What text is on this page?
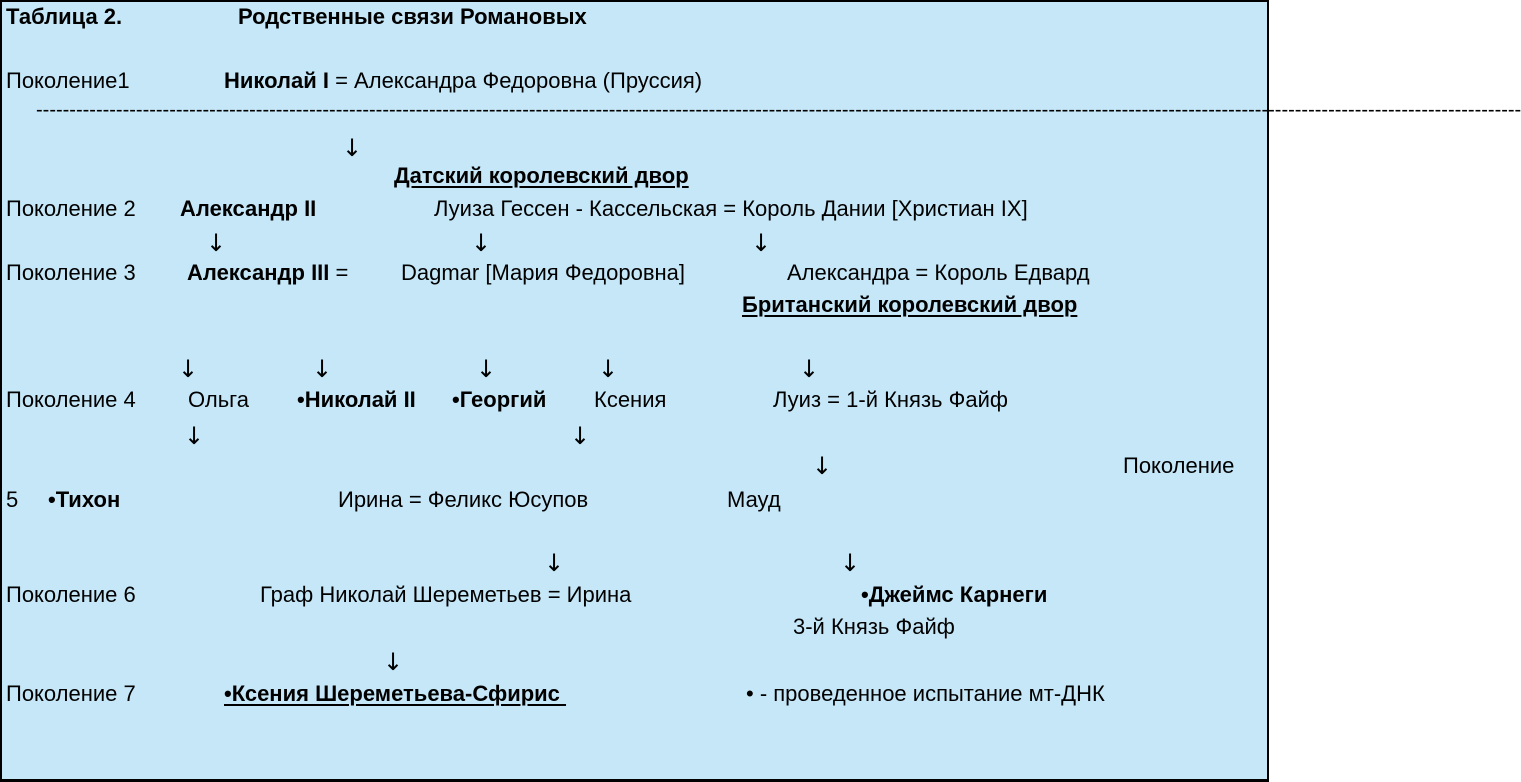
Таблица 2.	Родственные связи Романовых
Поколение1	Николай I = Александра Федоровна (Пруссия)
-------------------------------------------------------------------------------------------------------------------------------------------------------------------------------------------------------------------------------
↓
Датский королевский двор
Поколение 2 Александр II	Луиза Гессен - Кассельская = Король Дании [Христиан IX]
↓	↓	↓
Поколение 3 Александр III = Dagmar [Мария Федоровна]	Александра = Король Едвард
Британский королевский двор
↓	↓	↓	↓	↓
Поколение 4 Ольга •Николай II •Георгий Ксения	Луиз = 1-й Князь Файф
↓	↓
↓	Поколение
5 •Тихон	Ирина = Феликс Юсупов	Мауд
↓	↓
Поколение 6	Граф Николай Шереметьев = Ирина	•Джеймс Карнеги
3-й Князь Файф
↓
Поколение 7	•Ксения Шереметьева-Сфирис	• - проведенное испытание мт-ДНК
